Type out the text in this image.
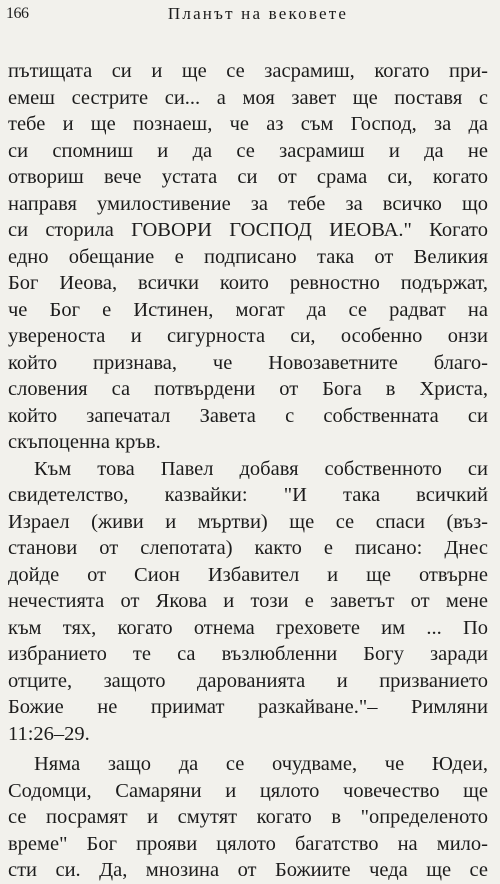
166	Планът на вековете
пътищата си и ще се засрамиш, когато при-
емеш сестрите си... а моя завет ще поставя с
тебе и ще познаеш, че аз съм Господ, за да
си спомниш и да се засрамиш и да не
отвориш вече устата си от срама си, когато
направя умилостивение за тебе за всичко що
си сторила ГОВОРИ ГОСПОД ИЕОВА." Когато
едно обещание е подписано така от Великия
Бог Иеова, всички които ревностно подържат,
че Бог е Истинен, могат да се радват на
увереноста и сигурноста си, особенно онзи
който признава, че Новозаветните благо-
словения са потвърдени от Бога в Христа,
който запечатал Завета с собственната си
скъпоценна кръв.
Към това Павел добавя собственното си
свидетелство, казвайки: "И така всичкий
Израел (живи и мъртви) ще се спаси (въз-
станови от слепотата) както е писано: Днес
дойде от Сион Избавител и ще отвърне
нечестията от Якова и този е заветът от мене
към тях, когато отнема греховете им ... По
избранието те са възлюбленни Богу заради
отците, защото дарованията и призванието
Божие не приимат разкайване."– Римляни
11:26–29.
Няма защо да се очудваме, че Юдеи,
Содомци, Самаряни и цялото човечество ще
се посрамят и смутят когато в "определеното
време" Бог прояви цялото багатство на мило-
сти си. Да, мнозина от Божиите чеда ще се
